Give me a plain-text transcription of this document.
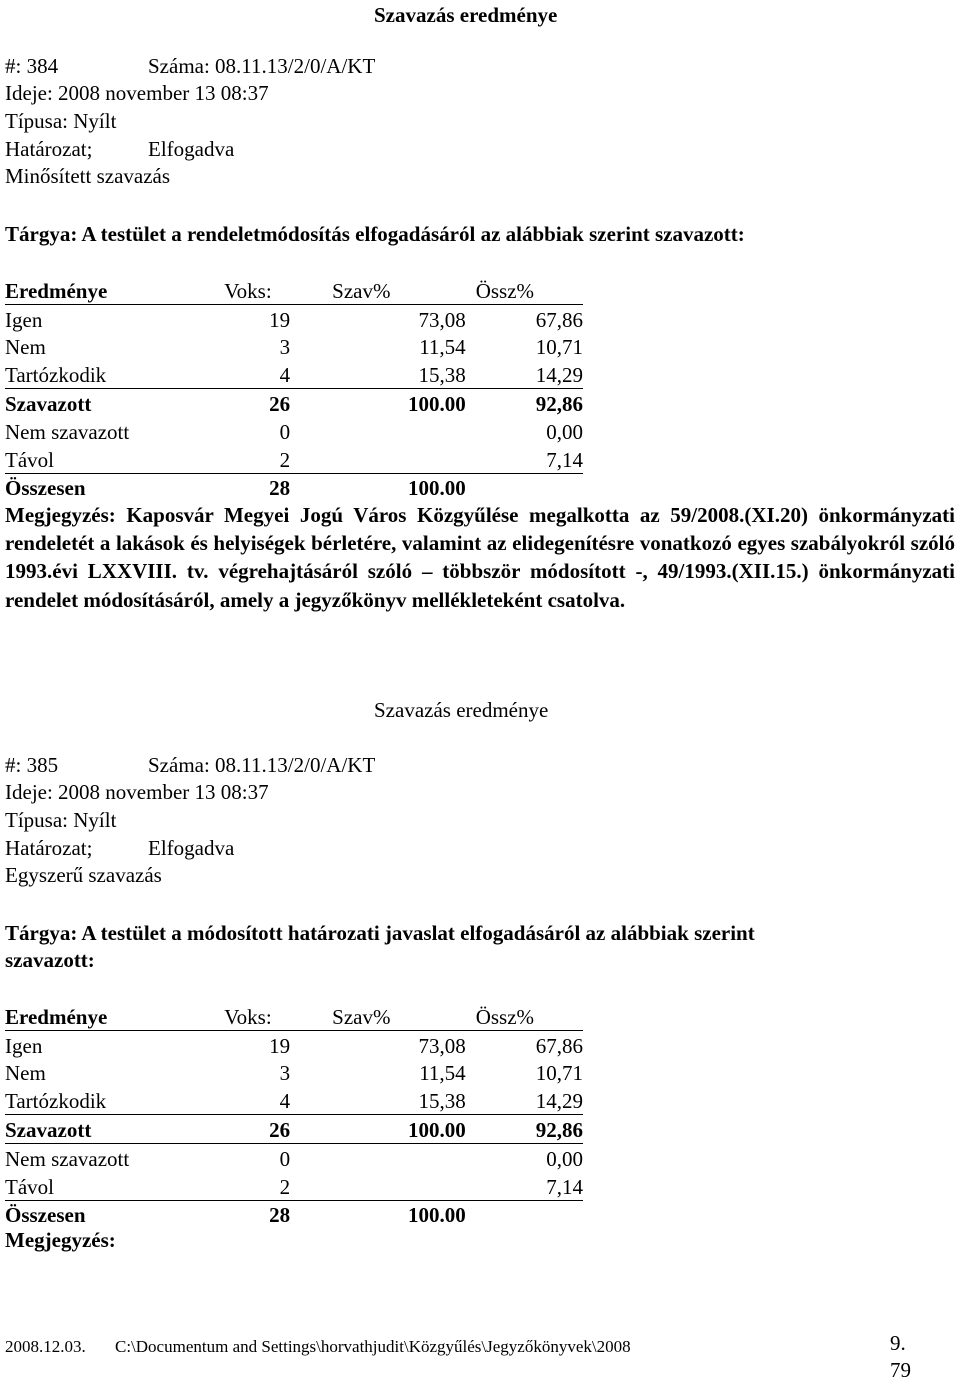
Szavazás eredménye
#: 384	Száma: 08.11.13/2/0/A/KT
Ideje: 2008 november 13 08:37
Típusa: Nyílt
Határozat;	Elfogadva
Minősített szavazás
Tárgya: A testület a rendeletmódosítás elfogadásáról az alábbiak szerint szavazott:
Eredménye	Voks:	Szav%	Össz%
Igen	19	73,08	67,86
Nem	3	11,54	10,71
Tartózkodik	4	15,38	14,29
Szavazott	26	100.00	92,86
Nem szavazott	0		0,00
Távol	2		7,14
Összesen	28	100.00	
Megjegyzés: Kaposvár Megyei Jogú Város Közgyűlése megalkotta az 59/2008.(XI.20) önkormányzati rendeletét a lakások és helyiségek bérletére, valamint az elidegenítésre vonatkozó egyes szabályokról szóló 1993.évi LXXVIII. tv. végrehajtásáról szóló – többször módosított -, 49/1993.(XII.15.) önkormányzati rendelet módosításáról, amely a jegyzőkönyv mellékleteként csatolva.
Szavazás eredménye
#: 385	Száma: 08.11.13/2/0/A/KT
Ideje: 2008 november 13 08:37
Típusa: Nyílt
Határozat;	Elfogadva
Egyszerű szavazás
Tárgya: A testület a módosított határozati javaslat elfogadásáról az alábbiak szerint
szavazott:
Eredménye	Voks:	Szav%	Össz%
Igen	19	73,08	67,86
Nem	3	11,54	10,71
Tartózkodik	4	15,38	14,29
Szavazott	26	100.00	92,86
Nem szavazott	0		0,00
Távol	2		7,14
Összesen	28	100.00	
Megjegyzés:
2008.12.03. C:\Documentum and Settings\horvathjudit\Közgyűlés\Jegyzőkönyvek\2008	9.
79
